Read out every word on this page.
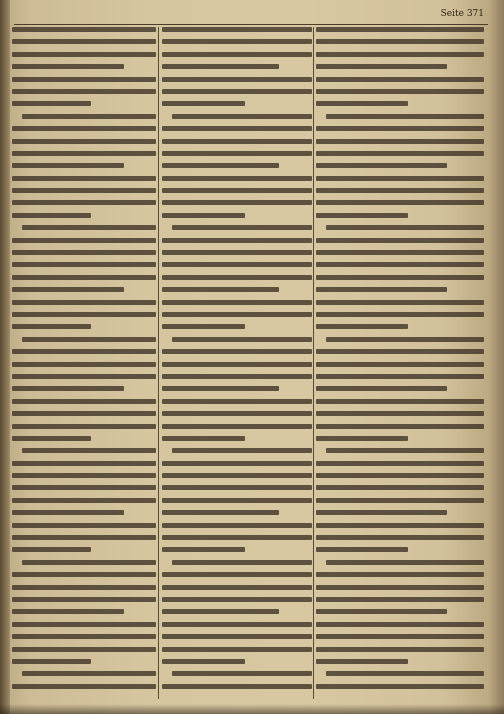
Seite 371
